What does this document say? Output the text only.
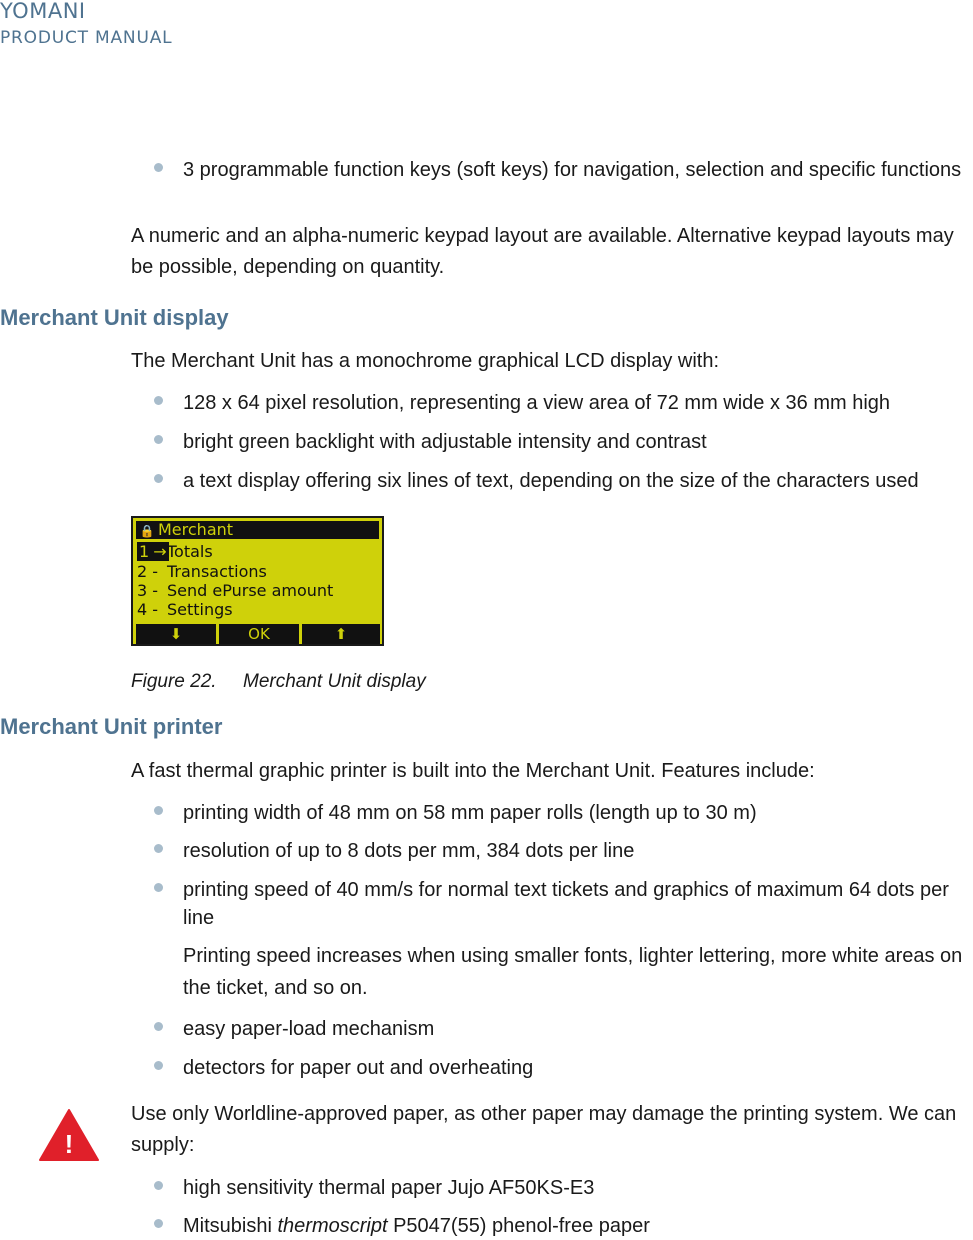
YOMANI
PRODUCT MANUAL
3 programmable function keys (soft keys) for navigation, selection and specific functions
A numeric and an alpha-numeric keypad layout are available. Alternative keypad layouts may be possible, depending on quantity.
Merchant Unit display
The Merchant Unit has a monochrome graphical LCD display with:
128 x 64 pixel resolution, representing a view area of 72 mm wide x 36 mm high
bright green backlight with adjustable intensity and contrast
a text display offering six lines of text, depending on the size of the characters used
🔒 Merchant
1 →Totals
2 - Transactions
3 - Send ePurse amount
4 - Settings
⬇	OK	⬆
Figure 22. Merchant Unit display
Merchant Unit printer
A fast thermal graphic printer is built into the Merchant Unit. Features include:
printing width of 48 mm on 58 mm paper rolls (length up to 30 m)
resolution of up to 8 dots per mm, 384 dots per line
printing speed of 40 mm/s for normal text tickets and graphics of maximum 64 dots per line
Printing speed increases when using smaller fonts, lighter lettering, more white areas on the ticket, and so on.
easy paper-load mechanism
detectors for paper out and overheating
!
Use only Worldline-approved paper, as other paper may damage the printing system. We can supply:
high sensitivity thermal paper Jujo AF50KS-E3
Mitsubishi thermoscript P5047(55) phenol-free paper
